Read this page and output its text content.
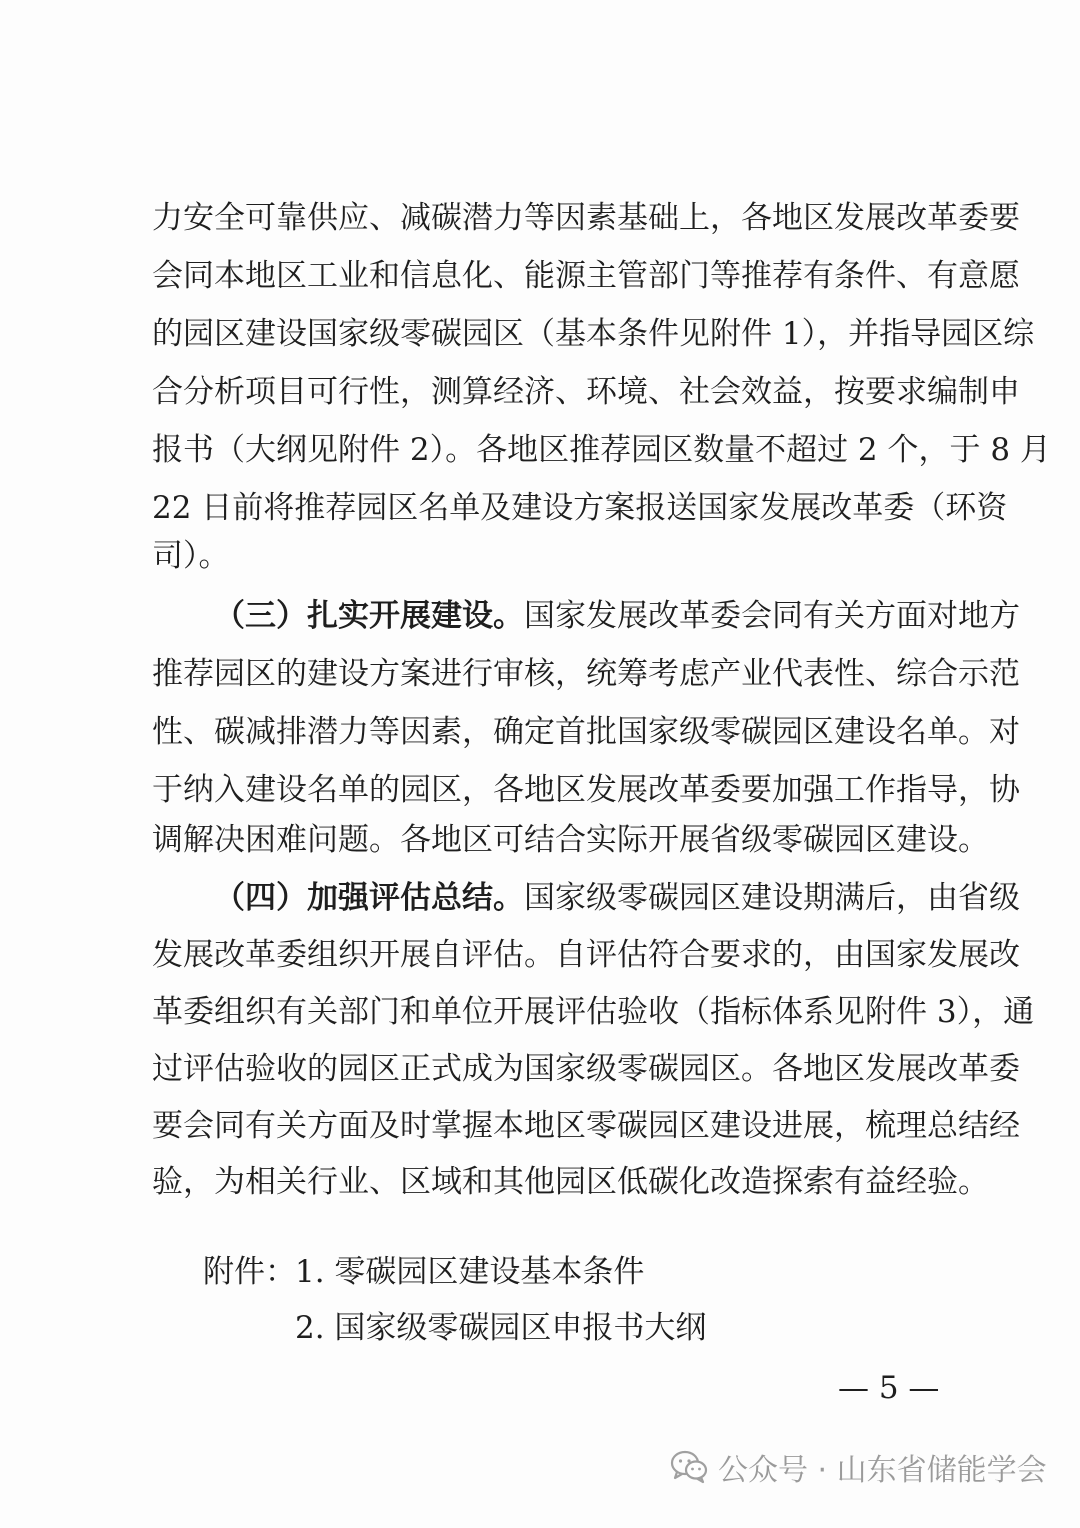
力安全可靠供应、减碳潜力等因素基础上，各地区发展改革委要
会同本地区工业和信息化、能源主管部门等推荐有条件、有意愿
的园区建设国家级零碳园区（基本条件见附件 1），并指导园区综
合分析项目可行性，测算经济、环境、社会效益，按要求编制申
报书（大纲见附件 2）。各地区推荐园区数量不超过 2 个，于 8 月
22 日前将推荐园区名单及建设方案报送国家发展改革委（环资
司）。
（三）扎实开展建设。国家发展改革委会同有关方面对地方
推荐园区的建设方案进行审核，统筹考虑产业代表性、综合示范
性、碳减排潜力等因素，确定首批国家级零碳园区建设名单。对
于纳入建设名单的园区，各地区发展改革委要加强工作指导，协
调解决困难问题。各地区可结合实际开展省级零碳园区建设。
（四）加强评估总结。国家级零碳园区建设期满后，由省级
发展改革委组织开展自评估。自评估符合要求的，由国家发展改
革委组织有关部门和单位开展评估验收（指标体系见附件 3），通
过评估验收的园区正式成为国家级零碳园区。各地区发展改革委
要会同有关方面及时掌握本地区零碳园区建设进展，梳理总结经
验，为相关行业、区域和其他园区低碳化改造探索有益经验。
附件： 1. 零碳园区建设基本条件
2. 国家级零碳园区申报书大纲
— 5 —
公众号 · 山东省储能学会
